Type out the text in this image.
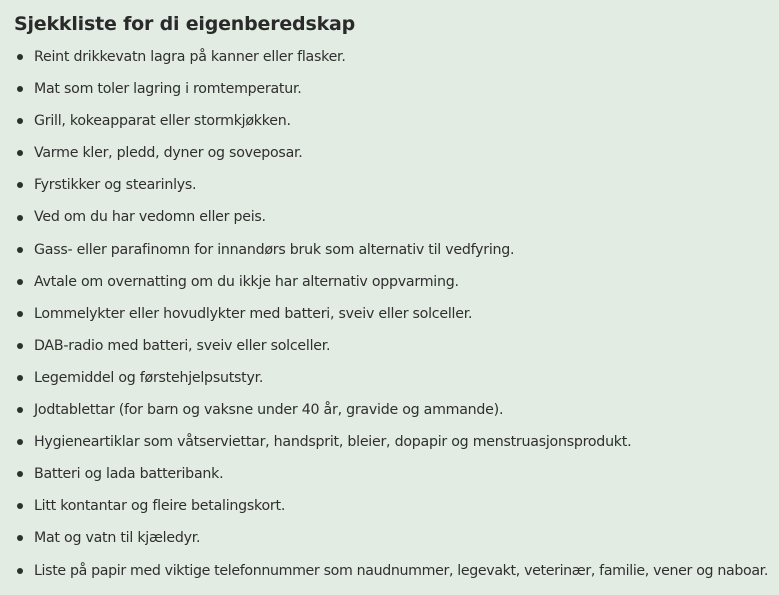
Sjekkliste for di eigenberedskap
Reint drikkevatn lagra på kanner eller flasker.
Mat som toler lagring i romtemperatur.
Grill, kokeapparat eller stormkjøkken.
Varme kler, pledd, dyner og soveposar.
Fyrstikker og stearinlys.
Ved om du har vedomn eller peis.
Gass- eller parafinomn for innandørs bruk som alternativ til vedfyring.
Avtale om overnatting om du ikkje har alternativ oppvarming.
Lommelykter eller hovudlykter med batteri, sveiv eller solceller.
DAB-radio med batteri, sveiv eller solceller.
Legemiddel og førstehjelpsutstyr.
Jodtablettar (for barn og vaksne under 40 år, gravide og ammande).
Hygieneartiklar som våtserviettar, handsprit, bleier, dopapir og menstruasjonsprodukt.
Batteri og lada batteribank.
Litt kontantar og fleire betalingskort.
Mat og vatn til kjæledyr.
Liste på papir med viktige telefonnummer som naudnummer, legevakt, veterinær, familie, vener og naboar.
